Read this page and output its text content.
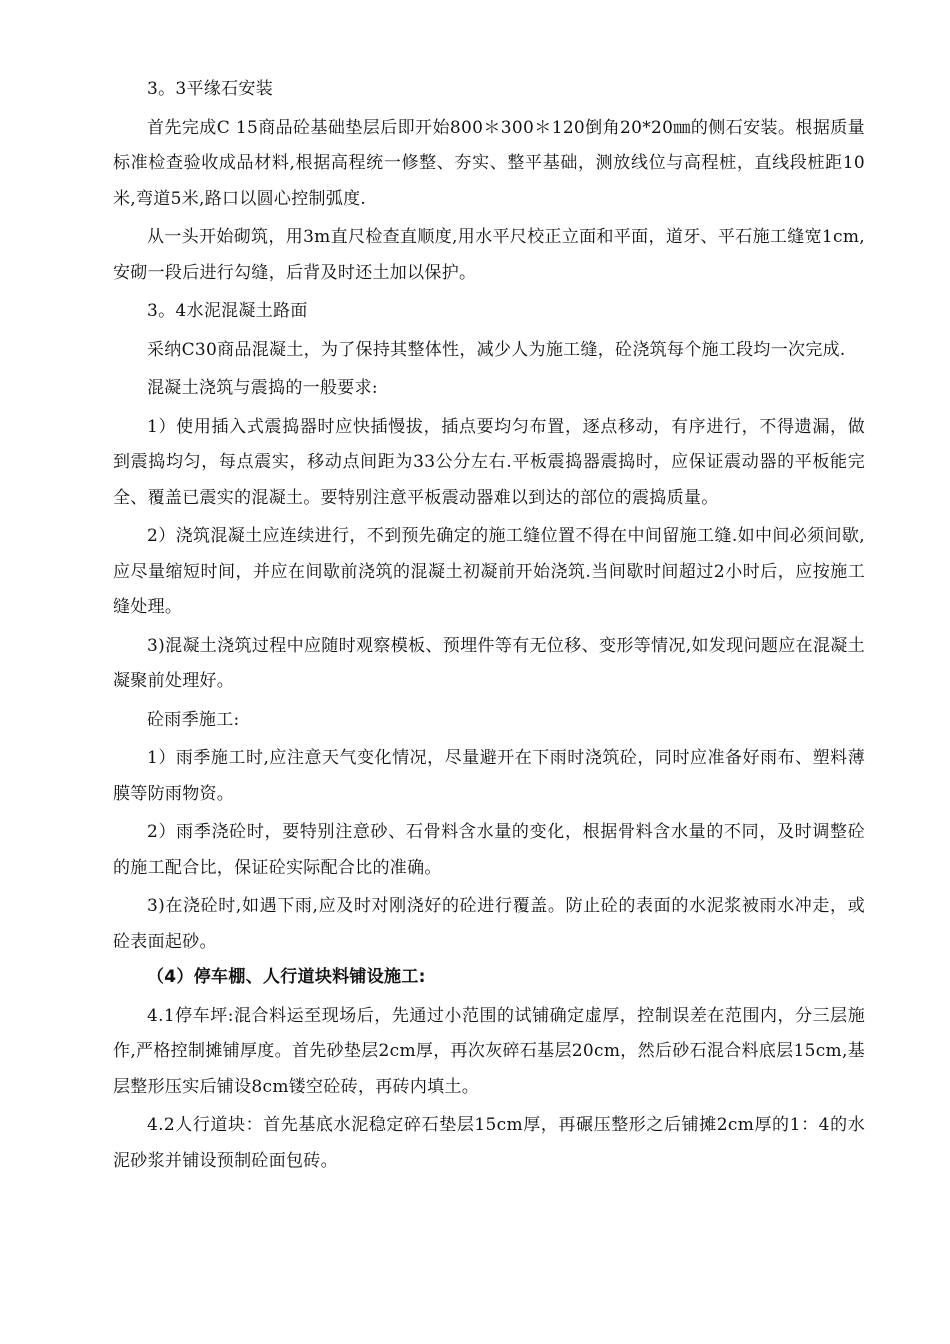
3。3平缘石安装

首先完成C 15商品砼基础垫层后即开始800＊300＊120倒角20*20㎜的侧石安装。根据质量标准检查验收成品材料,根据高程统一修整、夯实、整平基础，测放线位与高程桩，直线段桩距10米,弯道5米,路口以圆心控制弧度.

从一头开始砌筑，用3m直尺检查直顺度,用水平尺校正立面和平面，道牙、平石施工缝宽1cm,安砌一段后进行勾缝，后背及时还土加以保护。

3。4水泥混凝土路面

采纳C30商品混凝土，为了保持其整体性，减少人为施工缝，砼浇筑每个施工段均一次完成.

混凝土浇筑与震捣的一般要求:

1）使用插入式震捣器时应快插慢拔，插点要均匀布置，逐点移动，有序进行，不得遗漏，做到震捣均匀，每点震实，移动点间距为33公分左右.平板震捣器震捣时，应保证震动器的平板能完全、覆盖已震实的混凝土。要特别注意平板震动器难以到达的部位的震捣质量。

2）浇筑混凝土应连续进行，不到预先确定的施工缝位置不得在中间留施工缝.如中间必须间歇,应尽量缩短时间，并应在间歇前浇筑的混凝土初凝前开始浇筑.当间歇时间超过2小时后，应按施工缝处理。

3)混凝土浇筑过程中应随时观察模板、预埋件等有无位移、变形等情况,如发现问题应在混凝土凝聚前处理好。

砼雨季施工:

1）雨季施工时,应注意天气变化情况，尽量避开在下雨时浇筑砼，同时应准备好雨布、塑料薄膜等防雨物资。

2）雨季浇砼时，要特别注意砂、石骨料含水量的变化，根据骨料含水量的不同，及时调整砼的施工配合比，保证砼实际配合比的准确。

3)在浇砼时,如遇下雨,应及时对刚浇好的砼进行覆盖。防止砼的表面的水泥浆被雨水冲走，或砼表面起砂。

（4）停车棚、人行道块料铺设施工:

4.1停车坪:混合料运至现场后，先通过小范围的试铺确定虚厚，控制误差在范围内，分三层施作,严格控制摊铺厚度。首先砂垫层2cm厚，再次灰碎石基层20cm，然后砂石混合料底层15cm,基层整形压实后铺设8cm镂空砼砖，再砖内填土。

4.2人行道块：首先基底水泥稳定碎石垫层15cm厚，再碾压整形之后铺摊2cm厚的1：4的水泥砂浆并铺设预制砼面包砖。
